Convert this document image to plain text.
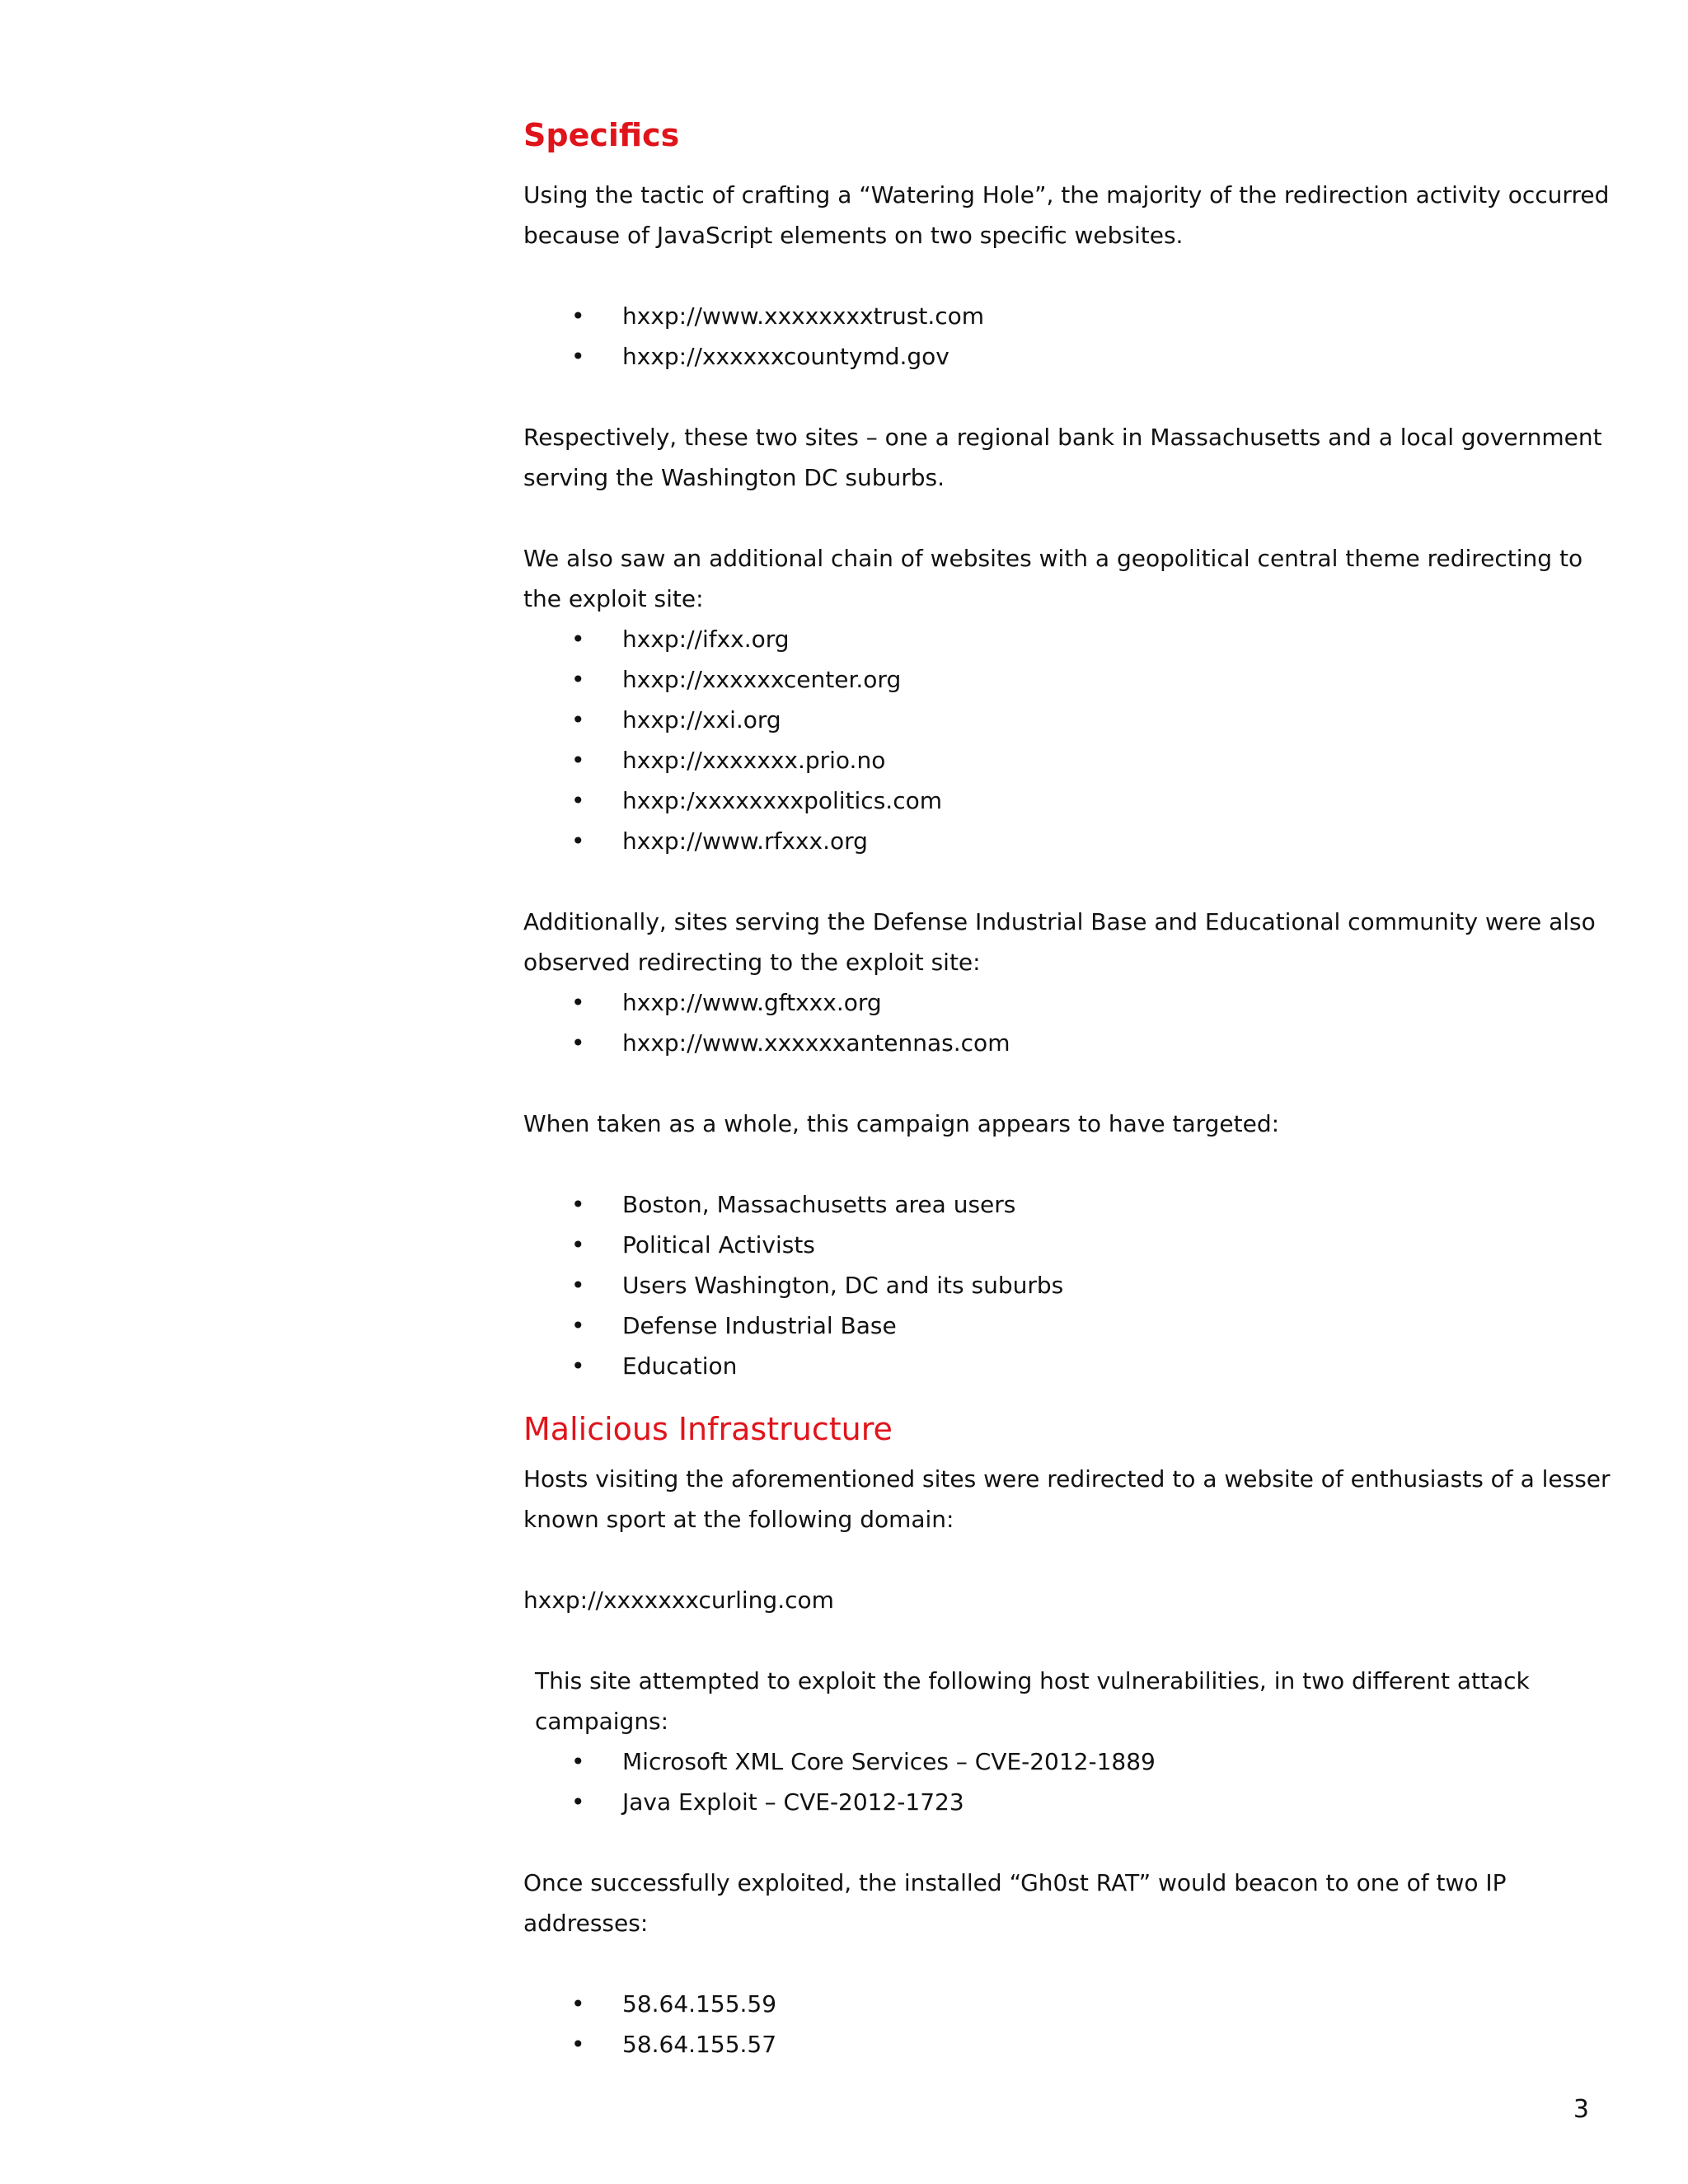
Specifics

Using the tactic of crafting a “Watering Hole”, the majority of the redirection activity occurred because of JavaScript elements on two specific websites.

• hxxp://www.xxxxxxxxtrust.com
• hxxp://xxxxxxcountymd.gov

Respectively, these two sites – one a regional bank in Massachusetts and a local government serving the Washington DC suburbs.

We also saw an additional chain of websites with a geopolitical central theme redirecting to the exploit site:

• hxxp://ifxx.org
• hxxp://xxxxxxcenter.org
• hxxp://xxi.org
• hxxp://xxxxxxx.prio.no
• hxxp:/xxxxxxxxpolitics.com
• hxxp://www.rfxxx.org

Additionally, sites serving the Defense Industrial Base and Educational community were also observed redirecting to the exploit site:

• hxxp://www.gftxxx.org
• hxxp://www.xxxxxxantennas.com

When taken as a whole, this campaign appears to have targeted:

• Boston, Massachusetts area users
• Political Activists
• Users Washington, DC and its suburbs
• Defense Industrial Base
• Education
Malicious Infrastructure

Hosts visiting the aforementioned sites were redirected to a website of enthusiasts of a lesser known sport at the following domain:

hxxp://xxxxxxxcurling.com

This site attempted to exploit the following host vulnerabilities, in two different attack campaigns:

• Microsoft XML Core Services – CVE-2012-1889
• Java Exploit – CVE-2012-1723

Once successfully exploited, the installed “Gh0st RAT” would beacon to one of two IP addresses:

• 58.64.155.59
• 58.64.155.57
3
